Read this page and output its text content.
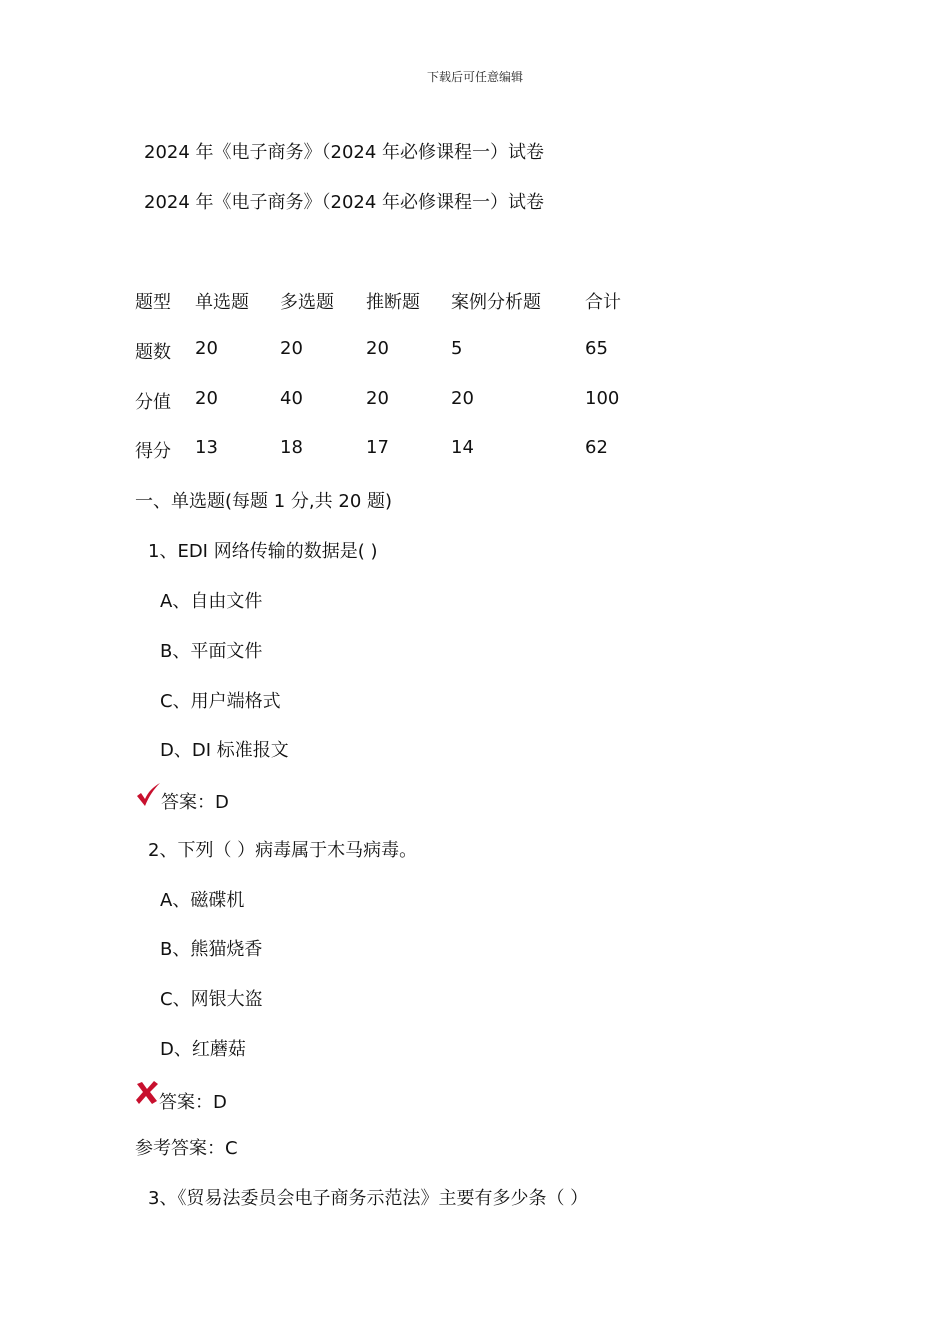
下载后可任意编辑
2024 年《电子商务》（2024 年必修课程一）试卷
2024 年《电子商务》（2024 年必修课程一）试卷
题型 单选题 多选题 推断题 案例分析题 合计
题数 20	20	20	5	65
分值 20	40	20	20	100
得分 13	18	17	14	62
一、单选题(每题 1 分,共 20 题)
1、EDI 网络传输的数据是( )
A、自由文件
B、平面文件
C、用户端格式
D、DI 标准报文
答案：D
2、下列（ ）病毒属于木马病毒。
A、磁碟机
B、熊猫烧香
C、网银大盗
D、红蘑菇
答案：D
参考答案：C
3、《贸易法委员会电子商务示范法》主要有多少条（ ）
